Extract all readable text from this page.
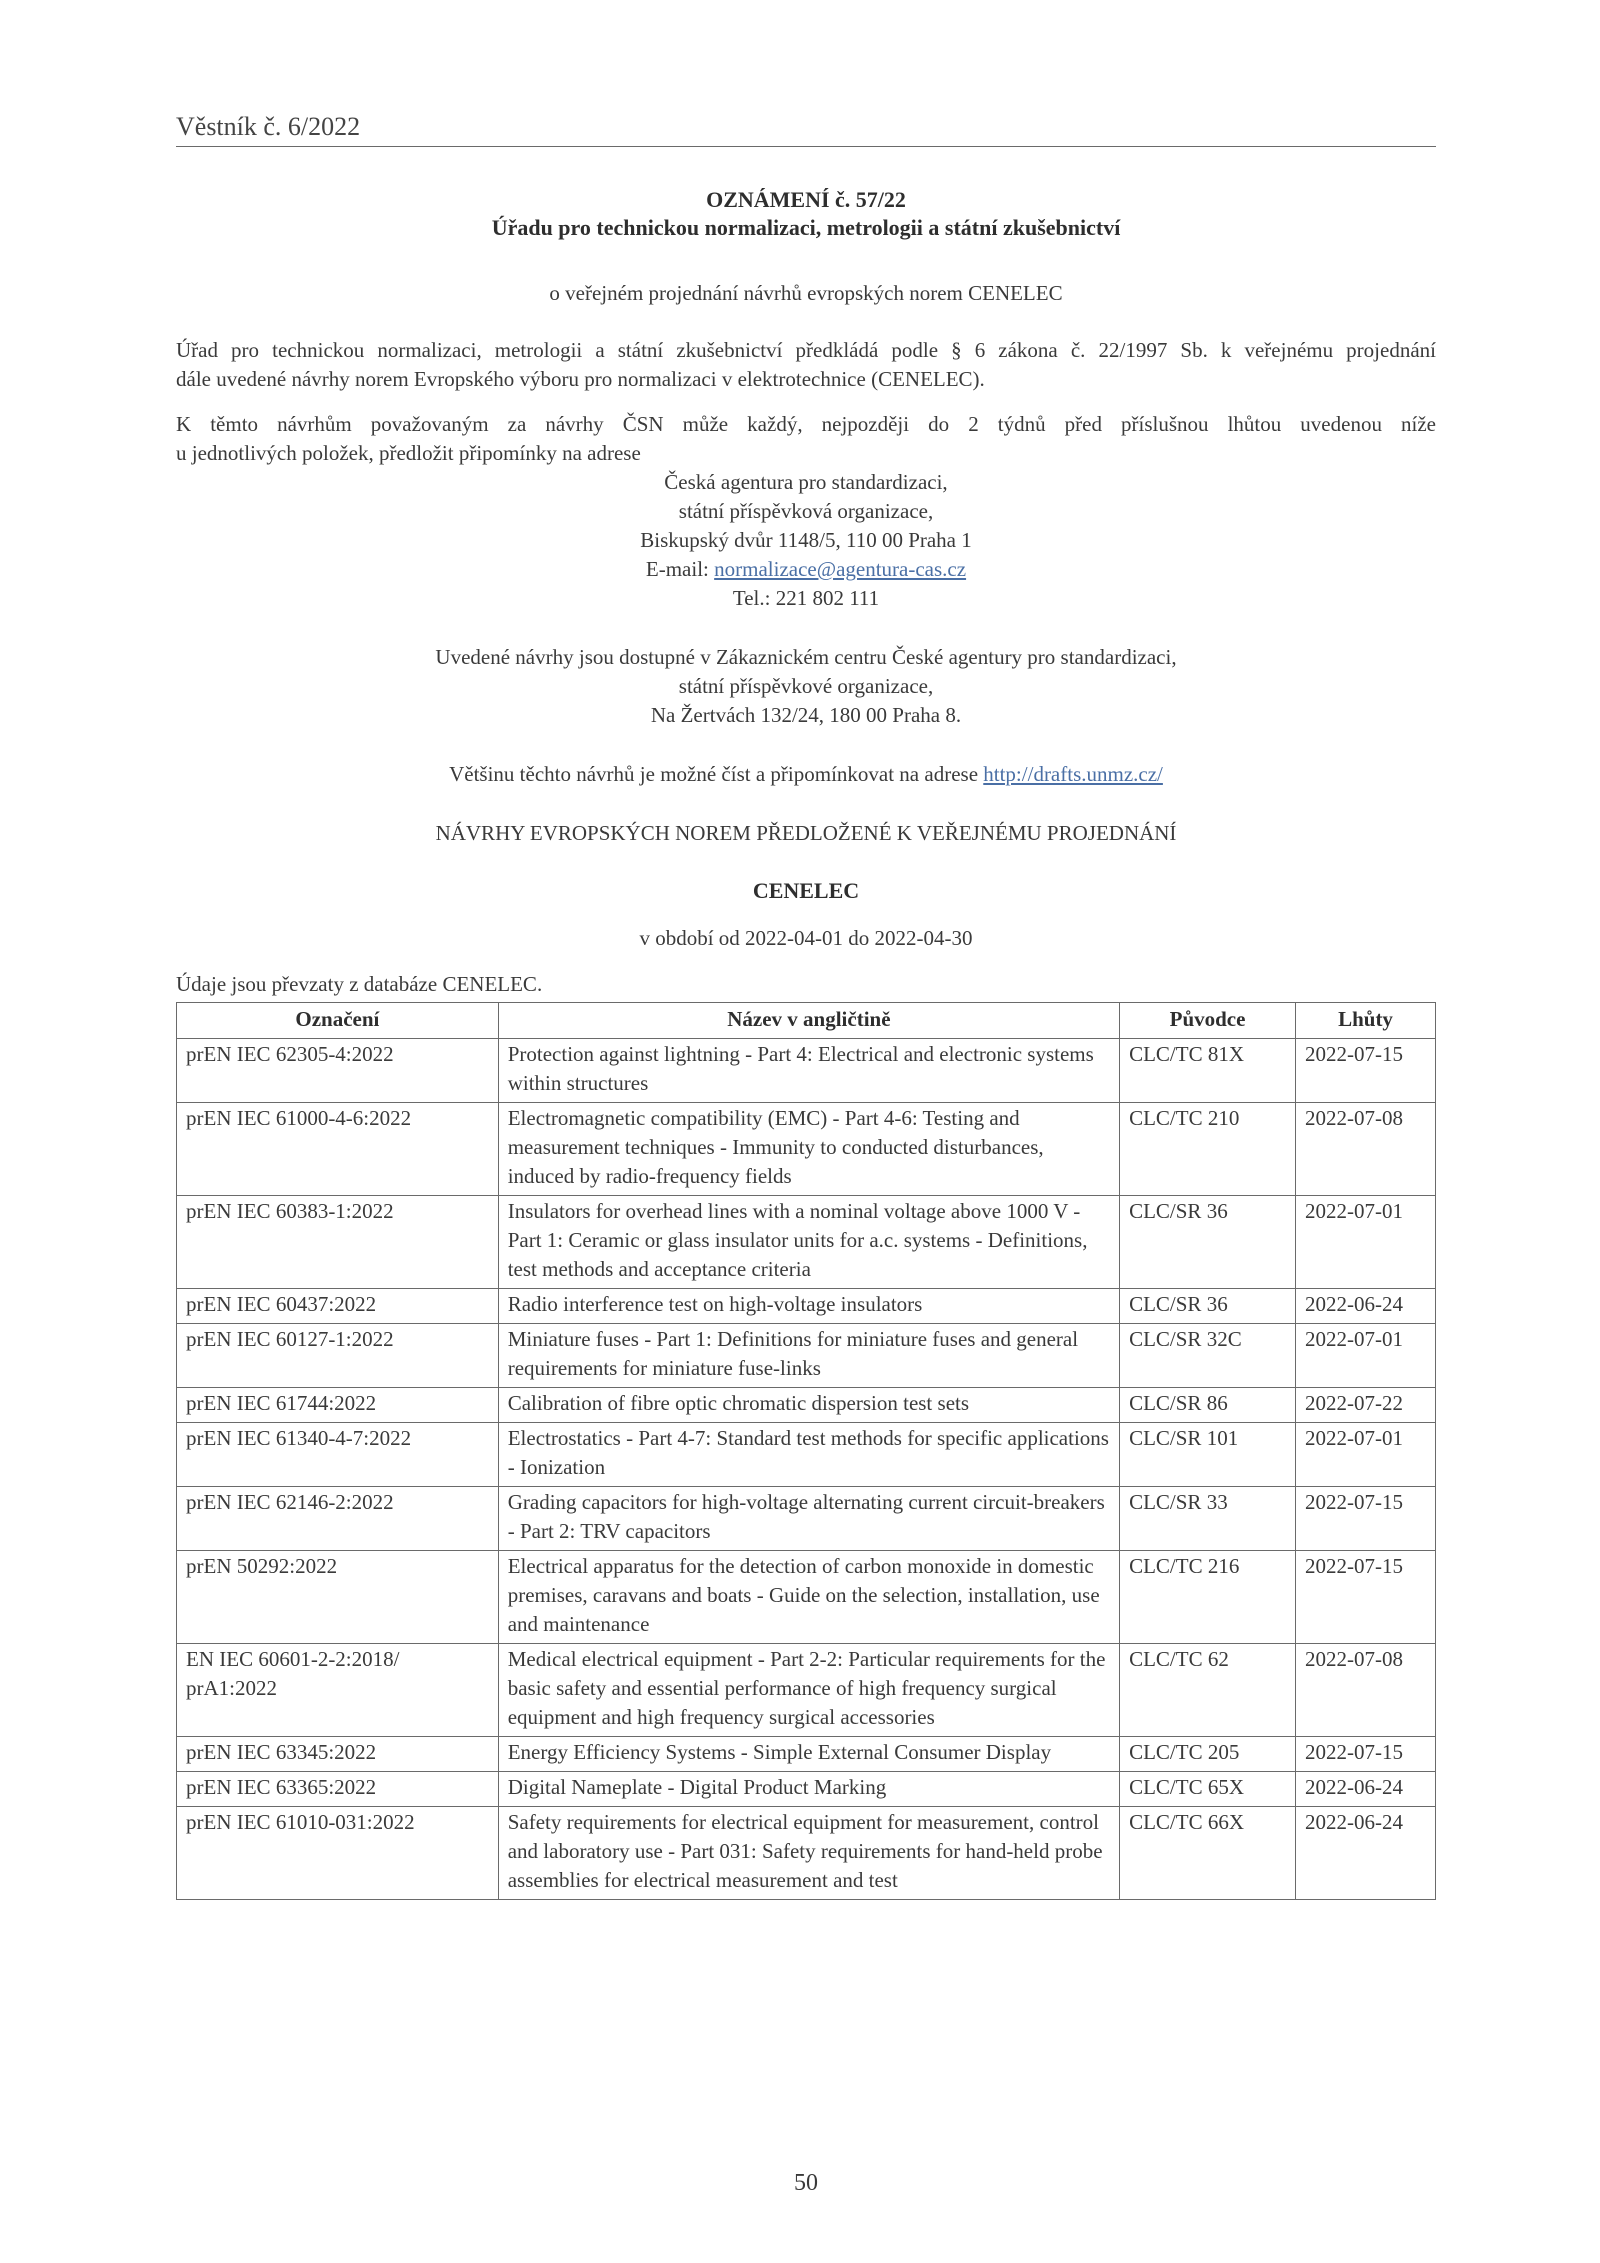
Věstník č. 6/2022
OZNÁMENÍ č. 57/22
Úřadu pro technickou normalizaci, metrologii a státní zkušebnictví
o veřejném projednání návrhů evropských norem CENELEC
Úřad pro technickou normalizaci, metrologii a státní zkušebnictví předkládá podle § 6 zákona č. 22/1997 Sb. k veřejnému projednání
dále uvedené návrhy norem Evropského výboru pro normalizaci v elektrotechnice (CENELEC).
K těmto návrhům považovaným za návrhy ČSN může každý, nejpozději do 2 týdnů před příslušnou lhůtou uvedenou níže
u jednotlivých položek, předložit připomínky na adrese
Česká agentura pro standardizaci,
státní příspěvková organizace,
Biskupský dvůr 1148/5, 110 00 Praha 1
E-mail: normalizace@agentura-cas.cz
Tel.: 221 802 111
Uvedené návrhy jsou dostupné v Zákaznickém centru České agentury pro standardizaci,
státní příspěvkové organizace,
Na Žertvách 132/24, 180 00 Praha 8.
Většinu těchto návrhů je možné číst a připomínkovat na adrese http://drafts.unmz.cz/
NÁVRHY EVROPSKÝCH NOREM PŘEDLOŽENÉ K VEŘEJNÉMU PROJEDNÁNÍ
CENELEC
v období od 2022-04-01 do 2022-04-30
Údaje jsou převzaty z databáze CENELEC.
Označení	Název v angličtině	Původce	Lhůty
prEN IEC 62305-4:2022	Protection against lightning - Part 4: Electrical and electronic systems within structures	CLC/TC 81X	2022-07-15
prEN IEC 61000-4-6:2022	Electromagnetic compatibility (EMC) - Part 4-6: Testing and measurement techniques - Immunity to conducted disturbances, induced by radio-frequency fields	CLC/TC 210	2022-07-08
prEN IEC 60383-1:2022	Insulators for overhead lines with a nominal voltage above 1000 V - Part 1: Ceramic or glass insulator units for a.c. systems - Definitions, test methods and acceptance criteria	CLC/SR 36	2022-07-01
prEN IEC 60437:2022	Radio interference test on high-voltage insulators	CLC/SR 36	2022-06-24
prEN IEC 60127-1:2022	Miniature fuses - Part 1: Definitions for miniature fuses and general requirements for miniature fuse-links	CLC/SR 32C	2022-07-01
prEN IEC 61744:2022	Calibration of fibre optic chromatic dispersion test sets	CLC/SR 86	2022-07-22
prEN IEC 61340-4-7:2022	Electrostatics - Part 4-7: Standard test methods for specific applications - Ionization	CLC/SR 101	2022-07-01
prEN IEC 62146-2:2022	Grading capacitors for high-voltage alternating current circuit-breakers - Part 2: TRV capacitors	CLC/SR 33	2022-07-15
prEN 50292:2022	Electrical apparatus for the detection of carbon monoxide in domestic premises, caravans and boats - Guide on the selection, installation, use and maintenance	CLC/TC 216	2022-07-15
EN IEC 60601-2-2:2018/ prA1:2022	Medical electrical equipment - Part 2-2: Particular requirements for the basic safety and essential performance of high frequency surgical equipment and high frequency surgical accessories	CLC/TC 62	2022-07-08
prEN IEC 63345:2022	Energy Efficiency Systems - Simple External Consumer Display	CLC/TC 205	2022-07-15
prEN IEC 63365:2022	Digital Nameplate - Digital Product Marking	CLC/TC 65X	2022-06-24
prEN IEC 61010-031:2022	Safety requirements for electrical equipment for measurement, control and laboratory use - Part 031: Safety requirements for hand-held probe assemblies for electrical measurement and test	CLC/TC 66X	2022-06-24
50
